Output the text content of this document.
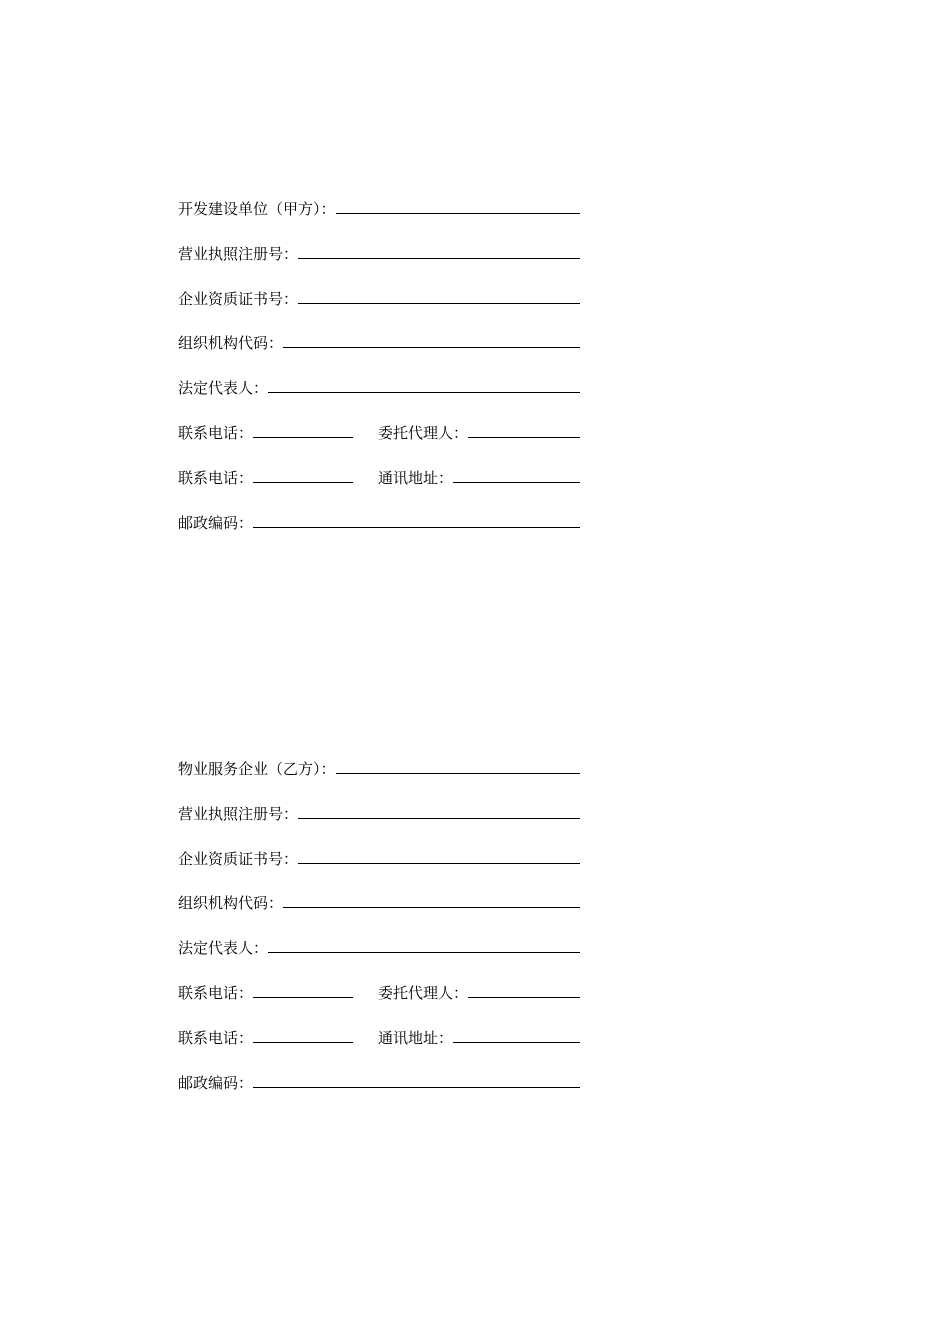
开发建设单位（甲方）：
营业执照注册号：
企业资质证书号：
组织机构代码：
法定代表人：
联系电话：	委托代理人：
联系电话：	通讯地址：
邮政编码：
物业服务企业（乙方）：
营业执照注册号：
企业资质证书号：
组织机构代码：
法定代表人：
联系电话：	委托代理人：
联系电话：	通讯地址：
邮政编码：
